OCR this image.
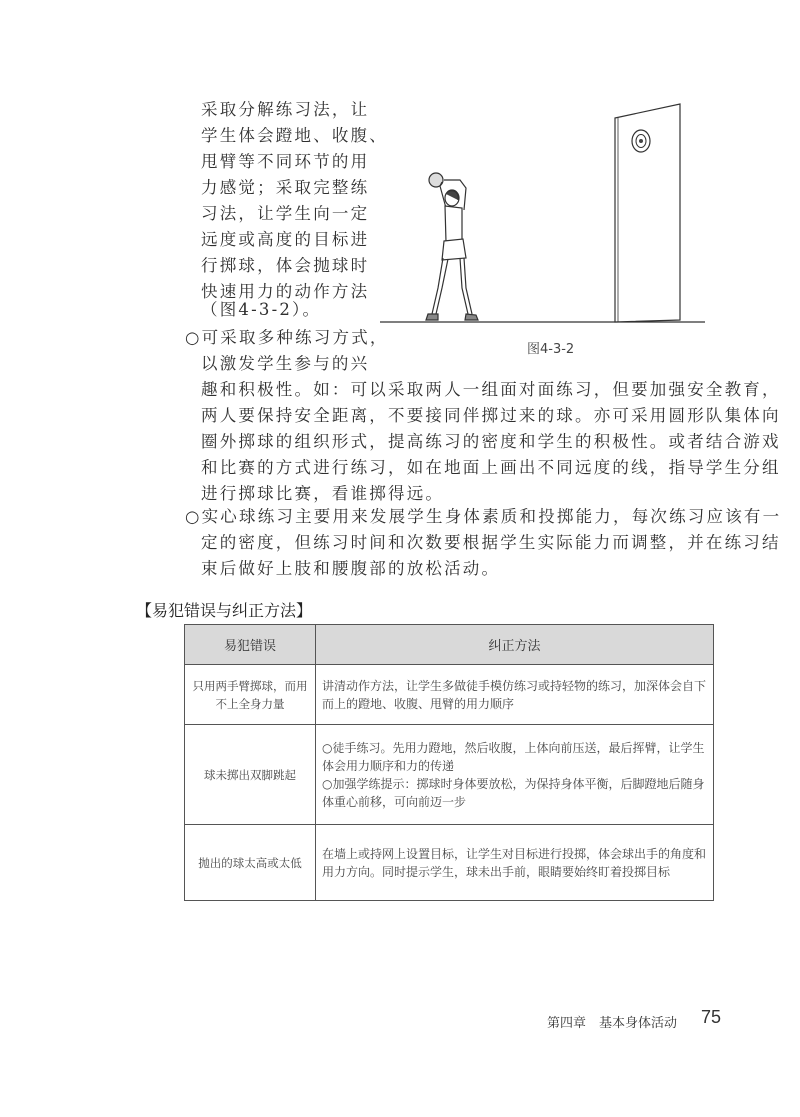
采取分解练习法，让
学生体会蹬地、收腹、
甩臂等不同环节的用
力感觉；采取完整练
习法，让学生向一定
远度或高度的目标进
行掷球，体会抛球时
快速用力的动作方法
（图4-3-2）。
○可采取多种练习方式，
以激发学生参与的兴
趣和积极性。如：可以采取两人一组面对面练习，但要加强安全教育，
两人要保持安全距离，不要接同伴掷过来的球。亦可采用圆形队集体向
圈外掷球的组织形式，提高练习的密度和学生的积极性。或者结合游戏
和比赛的方式进行练习，如在地面上画出不同远度的线，指导学生分组
进行掷球比赛，看谁掷得远。
○实心球练习主要用来发展学生身体素质和投掷能力，每次练习应该有一
定的密度，但练习时间和次数要根据学生实际能力而调整，并在练习结
束后做好上肢和腰腹部的放松活动。
图4-3-2
【易犯错误与纠正方法】
易犯错误	纠正方法
只用两手臂掷球，而用不上全身力量	讲清动作方法，让学生多做徒手模仿练习或持轻物的练习，加深体会自下而上的蹬地、收腹、甩臂的用力顺序

球未掷出双脚跳起	○徒手练习。先用力蹬地，然后收腹，上体向前压送，最后挥臂，让学生体会用力顺序和力的传递
○加强学练提示：掷球时身体要放松，为保持身体平衡，后脚蹬地后随身体重心前移，可向前迈一步

抛出的球太高或太低	在墙上或持网上设置目标，让学生对目标进行投掷，体会球出手的角度和用力方向。同时提示学生，球未出手前，眼睛要始终盯着投掷目标
第四章　基本身体活动 75
